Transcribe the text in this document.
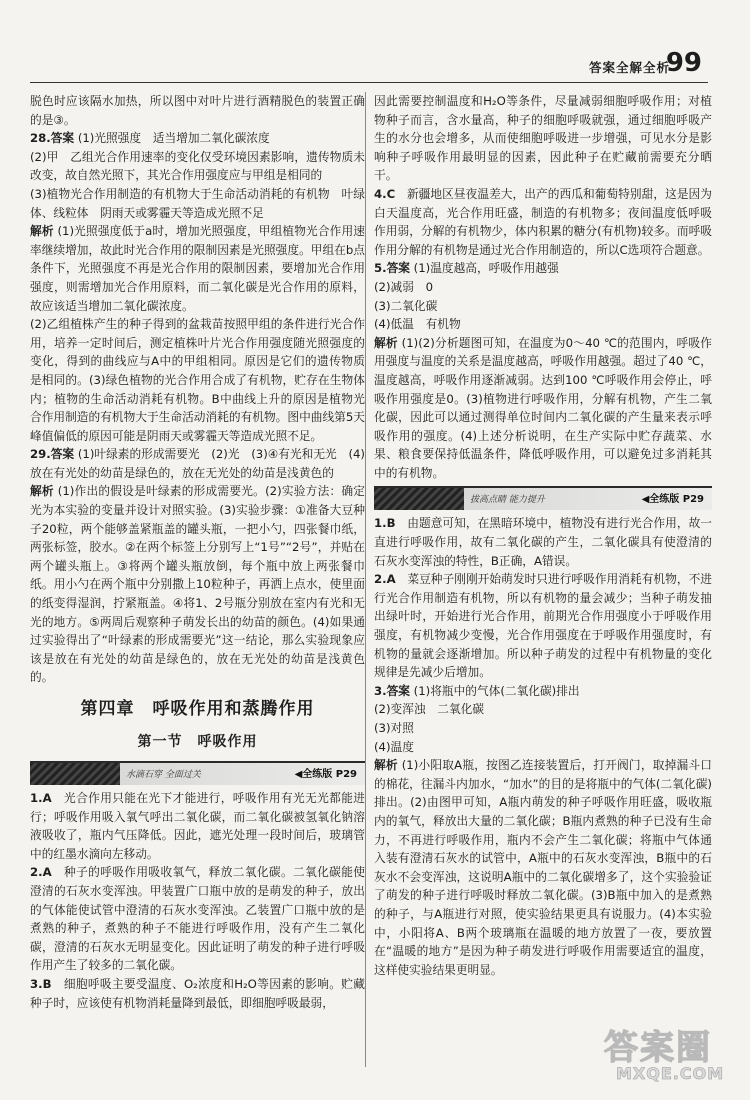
答案全解全析
99

脱色时应该隔水加热，所以图中对叶片进行酒精脱色的装置正确的是③。

28.答案 (1)光照强度　适当增加二氧化碳浓度

(2)甲　乙组光合作用速率的变化仅受环境因素影响，遗传物质未改变，故自然光照下，其光合作用强度应与甲组是相同的

(3)植物光合作用制造的有机物大于生命活动消耗的有机物　叶绿体、线粒体　阴雨天或雾霾天等造成光照不足

解析 (1)光照强度低于a时，增加光照强度，甲组植物光合作用速率继续增加，故此时光合作用的限制因素是光照强度。甲组在b点条件下，光照强度不再是光合作用的限制因素，要增加光合作用强度，则需增加光合作用原料，而二氧化碳是光合作用的原料，故应该适当增加二氧化碳浓度。

(2)乙组植株产生的种子得到的盆栽苗按照甲组的条件进行光合作用，培养一定时间后，测定植株叶片光合作用强度随光照强度的变化，得到的曲线应与A中的甲组相同。原因是它们的遗传物质是相同的。(3)绿色植物的光合作用合成了有机物，贮存在生物体内；植物的生命活动消耗有机物。B中曲线上升的原因是植物光合作用制造的有机物大于生命活动消耗的有机物。图中曲线第5天峰值偏低的原因可能是阴雨天或雾霾天等造成光照不足。

29.答案 (1)叶绿素的形成需要光　(2)光　(3)④有光和无光　(4)放在有光处的幼苗是绿色的，放在无光处的幼苗是浅黄色的

解析 (1)作出的假设是叶绿素的形成需要光。(2)实验方法：确定光为本实验的变量并设计对照实验。(3)实验步骤：①准备大豆种子20粒，两个能够盖紧瓶盖的罐头瓶，一把小勺，四张餐巾纸，两张标签，胶水。②在两个标签上分别写上“1号”“2号”，并贴在两个罐头瓶上。③将两个罐头瓶放倒，每个瓶中放上两张餐巾纸。用小勺在两个瓶中分别撒上10粒种子，再洒上点水，使里面的纸变得湿润，拧紧瓶盖。④将1、2号瓶分别放在室内有光和无光的地方。⑤两周后观察种子萌发长出的幼苗的颜色。(4)如果通过实验得出了“叶绿素的形成需要光”这一结论，那么实验现象应该是放在有光处的幼苗是绿色的，放在无光处的幼苗是浅黄色的。

第四章　呼吸作用和蒸腾作用
第一节　呼吸作用
水滴石穿 全面过关	◀全练版 P29

1.A　 光合作用只能在光下才能进行，呼吸作用有光无光都能进行；呼吸作用吸入氧气呼出二氧化碳，而二氧化碳被氢氧化钠溶液吸收了，瓶内气压降低。因此，遮光处理一段时间后，玻璃管中的红墨水滴向左移动。

2.A　 种子的呼吸作用吸收氧气，释放二氧化碳。二氧化碳能使澄清的石灰水变浑浊。甲装置广口瓶中放的是萌发的种子，放出的气体能使试管中澄清的石灰水变浑浊。乙装置广口瓶中放的是煮熟的种子，煮熟的种子不能进行呼吸作用，没有产生二氧化碳，澄清的石灰水无明显变化。因此证明了萌发的种子进行呼吸作用产生了较多的二氧化碳。

3.B　 细胞呼吸主要受温度、O₂浓度和H₂O等因素的影响。贮藏种子时，应该使有机物消耗量降到最低，即细胞呼吸最弱，

因此需要控制温度和H₂O等条件，尽量减弱细胞呼吸作用；对植物种子而言，含水量高，种子的细胞呼吸就强，通过细胞呼吸产生的水分也会增多，从而使细胞呼吸进一步增强，可见水分是影响种子呼吸作用最明显的因素，因此种子在贮藏前需要充分晒干。

4.C　 新疆地区昼夜温差大，出产的西瓜和葡萄特别甜，这是因为白天温度高，光合作用旺盛，制造的有机物多；夜间温度低呼吸作用弱，分解的有机物少，体内积累的糖分(有机物)较多。而呼吸作用分解的有机物是通过光合作用制造的，所以C选项符合题意。

5.答案 (1)温度越高，呼吸作用越强

(2)减弱　0

(3)二氧化碳

(4)低温　有机物

解析 (1)(2)分析题图可知，在温度为0～40 ℃的范围内，呼吸作用强度与温度的关系是温度越高，呼吸作用越强。超过了40 ℃，温度越高，呼吸作用逐渐减弱。达到100 ℃呼吸作用会停止，呼吸作用强度是0。(3)植物进行呼吸作用，分解有机物，产生二氧化碳，因此可以通过测得单位时间内二氧化碳的产生量来表示呼吸作用的强度。(4)上述分析说明，在生产实际中贮存蔬菜、水果、粮食要保持低温条件，降低呼吸作用，可以避免过多消耗其中的有机物。

拔高点睛 能力提升	◀全练版 P29

1.B　 由题意可知，在黑暗环境中，植物没有进行光合作用，故一直进行呼吸作用，故有二氧化碳的产生，二氧化碳具有使澄清的石灰水变浑浊的特性，B正确，A错误。

2.A　 菜豆种子刚刚开始萌发时只进行呼吸作用消耗有机物，不进行光合作用制造有机物，所以有机物的量会减少；当种子萌发抽出绿叶时，开始进行光合作用，前期光合作用强度小于呼吸作用强度，有机物减少变慢，光合作用强度在于呼吸作用强度时，有机物的量就会逐渐增加。所以种子萌发的过程中有机物量的变化规律是先减少后增加。

3.答案 (1)将瓶中的气体(二氧化碳)排出

(2)变浑浊　二氧化碳

(3)对照

(4)温度

解析 (1)小阳取A瓶，按图乙连接装置后，打开阀门，取掉漏斗口的棉花，往漏斗内加水，“加水”的目的是将瓶中的气体(二氧化碳)排出。(2)由图甲可知，A瓶内萌发的种子呼吸作用旺盛，吸收瓶内的氧气，释放出大量的二氧化碳；B瓶内煮熟的种子已没有生命力，不再进行呼吸作用，瓶内不会产生二氧化碳；将瓶中气体通入装有澄清石灰水的试管中，A瓶中的石灰水变浑浊，B瓶中的石灰水不会变浑浊，这说明A瓶中的二氧化碳增多了，这个实验验证了萌发的种子进行呼吸时释放二氧化碳。(3)B瓶中加入的是煮熟的种子，与A瓶进行对照，使实验结果更具有说服力。(4)本实验中，小阳将A、B两个玻璃瓶在温暖的地方放置了一夜，要放置在“温暖的地方”是因为种子萌发进行呼吸作用需要适宜的温度，这样使实验结果更明显。

答案圈
MXQE.COM
